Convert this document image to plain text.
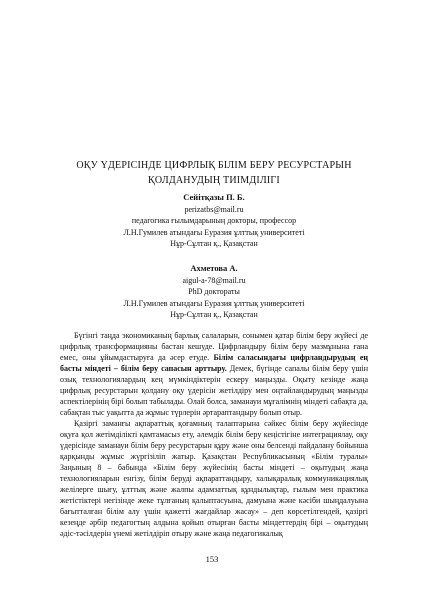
ОҚУ ҮДЕРІСІНДЕ ЦИФРЛЫҚ БІЛІМ БЕРУ РЕСУРСТАРЫН
ҚОЛДАНУДЫҢ ТИІМДІЛІГІ
Сейітқазы П. Б.
perizatbs@mail.ru
педагогика ғылымдарының докторы, профессор
Л.Н.Гумилев атындағы Еуразия ұлттық университеті
Нұр-Сұлтан қ., Қазақстан
Ахметова А.
aigul-a-78@mail.ru
PhD доктораты
Л.Н.Гумилев атындағы Еуразия ұлттық университеті
Нұр-Сұлтан қ., Қазақстан

Бүгінгі таңда экономиканың барлық салаларын, сонымен қатар білім беру жүйесі де цифрлық трансформацияны бастан кешуде. Цифрландыру білім беру мазмұнына ғана емес, оны ұйымдастыруға да әсер етуде. Білім саласындағы цифрландырудың ең басты міндеті – білім беру сапасын арттыру. Демек, бүгінде сапалы білім беру үшін озық технологиялардың кең мүмкіндіктерін ескеру маңызды. Оқыту кезінде жаңа цифрлық ресурстарын қолдану оқу үдерісін жетілдіру мен оңтайландырудың маңызды аспектілерінің бірі болып табылады. Олай болса, заманауи мұғалімнің міндеті сабақта да, сабақтан тыс уақытта да жұмыс түрлерін әртараптандыру болып отыр.

Қазіргі заманғы ақпараттық қоғамның талаптарына сәйкес білім беру жүйесінде оқуға қол жетімділікті қамтамасыз ету, әлемдік білім беру кеңістігіне интеграциялау, оқу үдерісінде заманауи білім беру ресурстарын құру және оны белсенді пайдалану бойынша қарқынды жұмыс жүргізіліп жатыр. Қазақстан Республикасының «Білім туралы» Заңының 8 – бабында «Білім беру жүйесінің басты міндеті – оқытудың жаңа технологияларын енгізу, білім беруді ақпараттандыру, халықаралық коммуникациялық желілерге шығу, ұлттық және жалпы адамзаттық құндылықтар, ғылым мен практика жетістіктері негізінде жеке тұлғаның қалыптасуына, дамуына және кәсіби шыңдалуына бағытталған білім алу үшін қажетті жағдайлар жасау» – деп көрсетілгендей, қазіргі кезеңде әрбір педагогтың алдына қойып отырған басты міндеттердің бірі – оқытудың әдіс-тәсілдерін үнемі жетілдіріп отыру және жаңа педагогикалық

153
